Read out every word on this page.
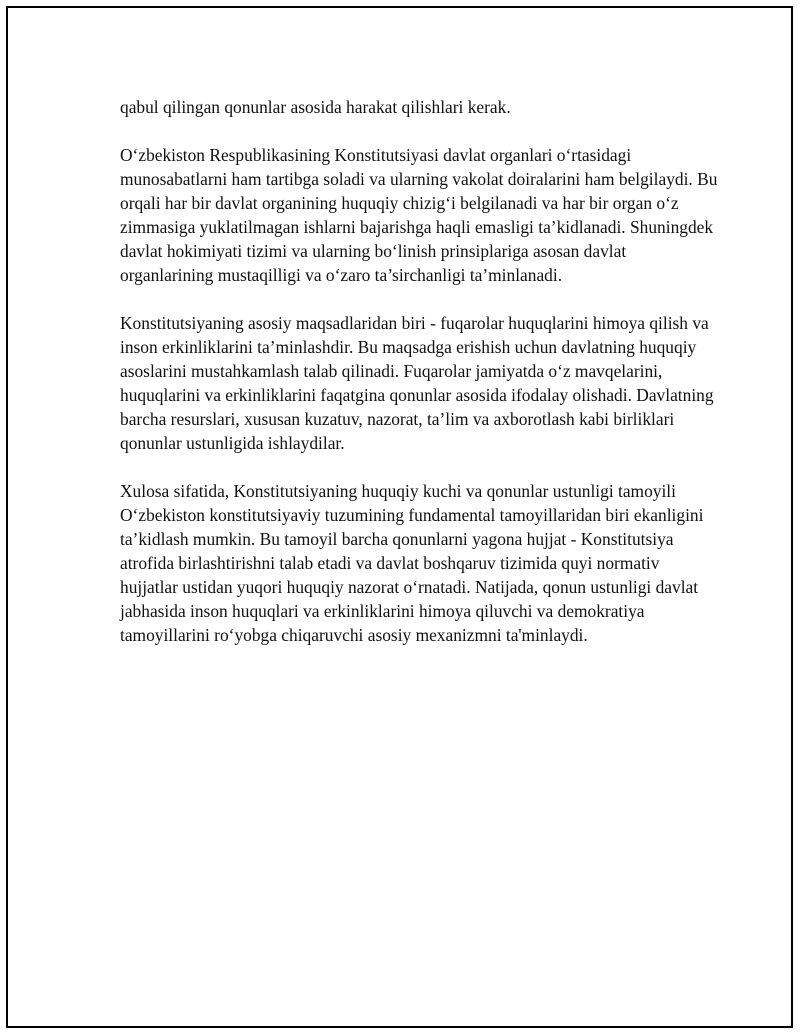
qabul qilingan qonunlar asosida harakat qilishlari kerak.

O‘zbekiston Respublikasining Konstitutsiyasi davlat organlari o‘rtasidagi munosabatlarni ham tartibga soladi va ularning vakolat doiralarini ham belgilaydi. Bu orqali har bir davlat organining huquqiy chizig‘i belgilanadi va har bir organ o‘z zimmasiga yuklatilmagan ishlarni bajarishga haqli emasligi ta’kidlanadi. Shuningdek davlat hokimiyati tizimi va ularning bo‘linish prinsiplariga asosan davlat organlarining mustaqilligi va o‘zaro ta’sirchanligi ta’minlanadi.

Konstitutsiyaning asosiy maqsadlaridan biri - fuqarolar huquqlarini himoya qilish va inson erkinliklarini ta’minlashdir. Bu maqsadga erishish uchun davlatning huquqiy asoslarini mustahkamlash talab qilinadi. Fuqarolar jamiyatda o‘z mavqelarini, huquqlarini va erkinliklarini faqatgina qonunlar asosida ifodalay olishadi. Davlatning barcha resurslari, xususan kuzatuv, nazorat, ta’lim va axborotlash kabi birliklari qonunlar ustunligida ishlaydilar.

Xulosa sifatida, Konstitutsiyaning huquqiy kuchi va qonunlar ustunligi tamoyili O‘zbekiston konstitutsiyaviy tuzumining fundamental tamoyillaridan biri ekanligini ta’kidlash mumkin. Bu tamoyil barcha qonunlarni yagona hujjat - Konstitutsiya atrofida birlashtirishni talab etadi va davlat boshqaruv tizimida quyi normativ hujjatlar ustidan yuqori huquqiy nazorat o‘rnatadi. Natijada, qonun ustunligi davlat jabhasida inson huquqlari va erkinliklarini himoya qiluvchi va demokratiya tamoyillarini ro‘yobga chiqaruvchi asosiy mexanizmni ta'minlaydi.
